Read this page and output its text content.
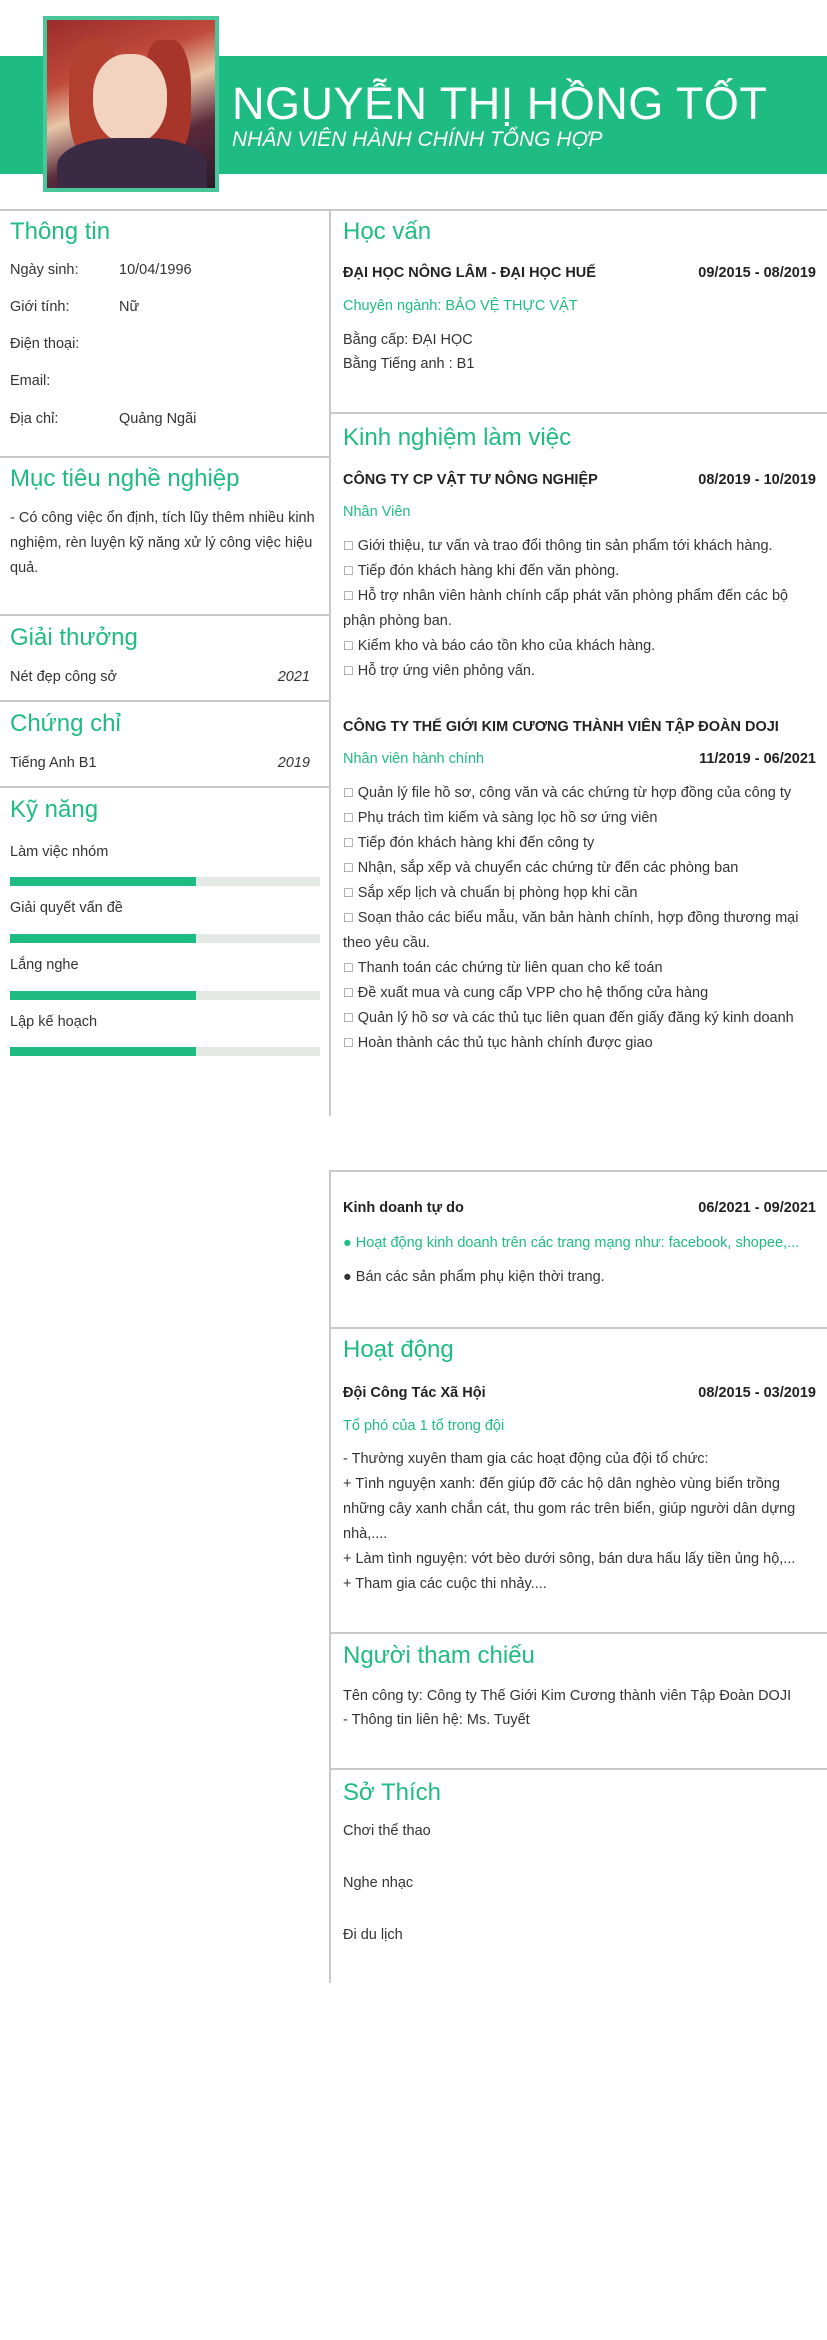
NGUYỄN THỊ HỒNG TỐT
NHÂN VIÊN HÀNH CHÍNH TỔNG HỢP
Thông tin
Ngày sinh:	10/04/1996
Giới tính:	Nữ
Điện thoại:
Email:
Địa chỉ:	Quảng Ngãi
Mục tiêu nghề nghiệp
- Có công việc ổn định, tích lũy thêm nhiều kinh
nghiệm, rèn luyện kỹ năng xử lý công việc hiệu
quả.
Giải thưởng
Nét đẹp công sở	2021
Chứng chỉ
Tiếng Anh B1	2019
Kỹ năng
Làm việc nhóm
Giải quyết vấn đề
Lắng nghe
Lập kế hoạch
Học vấn
ĐẠI HỌC NÔNG LÂM - ĐẠI HỌC HUẾ	09/2015 - 08/2019
Chuyên ngành: BẢO VỆ THỰC VẬT
Bằng cấp: ĐẠI HỌC
Bằng Tiếng anh : B1
Kinh nghiệm làm việc
CÔNG TY CP VẬT TƯ NÔNG NGHIỆP	08/2019 - 10/2019
Nhân Viên
☐ Giới thiệu, tư vấn và trao đổi thông tin sản phẩm tới khách hàng.
☐ Tiếp đón khách hàng khi đến văn phòng.
☐ Hỗ trợ nhân viên hành chính cấp phát văn phòng phẩm đến các bộ phận phòng ban.
☐ Kiểm kho và báo cáo tồn kho của khách hàng.
☐ Hỗ trợ ứng viên phỏng vấn.
CÔNG TY THẾ GIỚI KIM CƯƠNG THÀNH VIÊN TẬP ĐOÀN DOJI
Nhân viên hành chính	11/2019 - 06/2021
☐ Quản lý file hồ sơ, công văn và các chứng từ hợp đồng của công ty
☐ Phụ trách tìm kiếm và sàng lọc hồ sơ ứng viên
☐ Tiếp đón khách hàng khi đến công ty
☐ Nhận, sắp xếp và chuyển các chứng từ đến các phòng ban
☐ Sắp xếp lịch và chuẩn bị phòng họp khi cần
☐ Soạn thảo các biểu mẫu, văn bản hành chính, hợp đồng thương mại theo yêu cầu.
☐ Thanh toán các chứng từ liên quan cho kế toán
☐ Đề xuất mua và cung cấp VPP cho hệ thống cửa hàng
☐ Quản lý hồ sơ và các thủ tục liên quan đến giấy đăng ký kinh doanh
☐ Hoàn thành các thủ tục hành chính được giao
Kinh doanh tự do	06/2021 - 09/2021
● Hoạt động kinh doanh trên các trang mạng như: facebook, shopee,...
● Bán các sản phẩm phụ kiện thời trang.
Hoạt động
Đội Công Tác Xã Hội	08/2015 - 03/2019
Tổ phó của 1 tổ trong đội
- Thường xuyên tham gia các hoạt động của đội tổ chức:
+ Tình nguyện xanh: đến giúp đỡ các hộ dân nghèo vùng biển trồng
những cây xanh chắn cát, thu gom rác trên biển, giúp người dân dựng
nhà,....
+ Làm tình nguyện: vớt bèo dưới sông, bán dưa hấu lấy tiền ủng hộ,...
+ Tham gia các cuộc thi nhảy....
Người tham chiếu
Tên công ty: Công ty Thế Giới Kim Cương thành viên Tập Đoàn DOJI
- Thông tin liên hệ: Ms. Tuyết
Sở Thích
Chơi thể thao
Nghe nhạc
Đi du lịch
